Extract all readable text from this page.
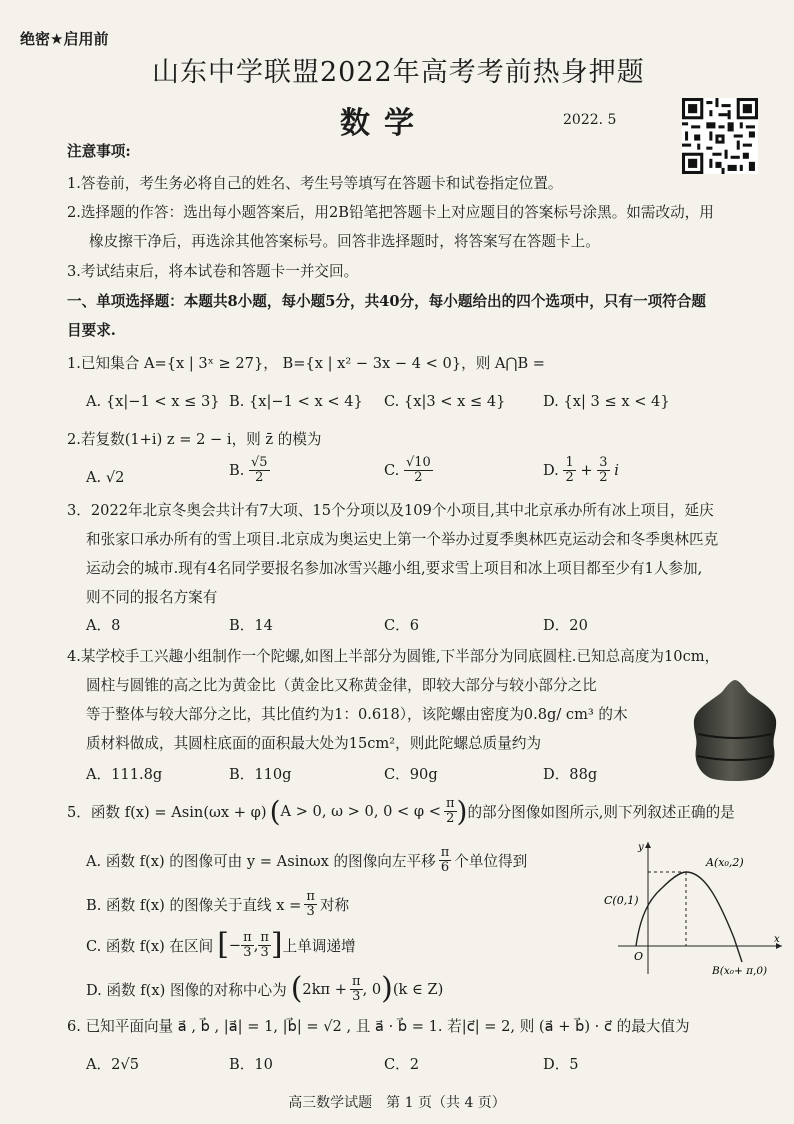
绝密★启用前
山东中学联盟2022年高考考前热身押题
数学	2022. 5
注意事项:
1.答卷前，考生务必将自己的姓名、考生号等填写在答题卡和试卷指定位置。
2.选择题的作答：选出每小题答案后，用2B铅笔把答题卡上对应题目的答案标号涂黑。如需改动，用
橡皮擦干净后，再选涂其他答案标号。回答非选择题时，将答案写在答题卡上。
3.考试结束后，将本试卷和答题卡一并交回。
一、单项选择题：本题共8小题，每小题5分，共40分，每小题给出的四个选项中，只有一项符合题
目要求.
1.已知集合 A={x | 3ˣ ≥ 27}， B={x | x² − 3x − 4 < 0}，则 A⋂B =
A. {x|−1 < x ≤ 3} B. {x|−1 < x < 4} C. {x|3 < x ≤ 4}	D. {x| 3 ≤ x < 4}
2.若复数(1+i) z = 2 − i，则 z̄ 的模为
A. √2	B. $\frac{√5}{2}$	C. $\frac{√10}{2}$	D. $\frac{1}{2} + \frac{3}{2}$ i
3．2022年北京冬奥会共计有7大项、15个分项以及109个小项目,其中北京承办所有冰上项目，延庆
和张家口承办所有的雪上项目.北京成为奥运史上第一个举办过夏季奥林匹克运动会和冬季奥林匹克
运动会的城市.现有4名同学要报名参加冰雪兴趣小组,要求雪上项目和冰上项目都至少有1人参加,
则不同的报名方案有
A．8	B．14	C．6	D．20
4.某学校手工兴趣小组制作一个陀螺,如图上半部分为圆锥,下半部分为同底圆柱.已知总高度为10cm，
圆柱与圆锥的高之比为黄金比（黄金比又称黄金律，即较大部分与较小部分之比
等于整体与较大部分之比，其比值约为1：0.618），该陀螺由密度为0.8g/ cm³ 的木
质材料做成，其圆柱底面的面积最大处为15cm²，则此陀螺总质量约为
A．111.8g	B．110g	C．90g	D．88g
5．函数 f(x) = Asin(ωx + φ) ( A > 0, ω > 0, $0 < \varphi < \frac{\pi}{2}$ ) 的部分图像如图所示,则下列叙述正确的是
A. 函数 f(x) 的图像可由 y = Asinωx 的图像向左平移 $\frac{\pi}{6}$ 个单位得到
B. 函数 f(x) 的图像关于直线 $x = \frac{\pi}{3}$ 对称
C. 函数 f(x) 在区间 [ − $\frac{\pi}{3}$ , $\frac{\pi}{3}$ ] 上单调递增
D. 函数 f(x) 图像的对称中心为 ( $2k\pi + \frac{\pi}{3}$ , 0 ) (k ∈ Z)
A(x₀,2)
C(0,1)
O
B(x₀+ π,0)
x
y
6. 已知平面向量 a⃗ , b⃗ , |a⃗| = 1, |b⃗| = √2 , 且 a⃗ · b⃗ = 1. 若|c⃗| = 2, 则 (a⃗ + b⃗) · c⃗ 的最大值为
A．2√5	B．10	C．2	D．5
高三数学试题　第 1 页（共 4 页）
